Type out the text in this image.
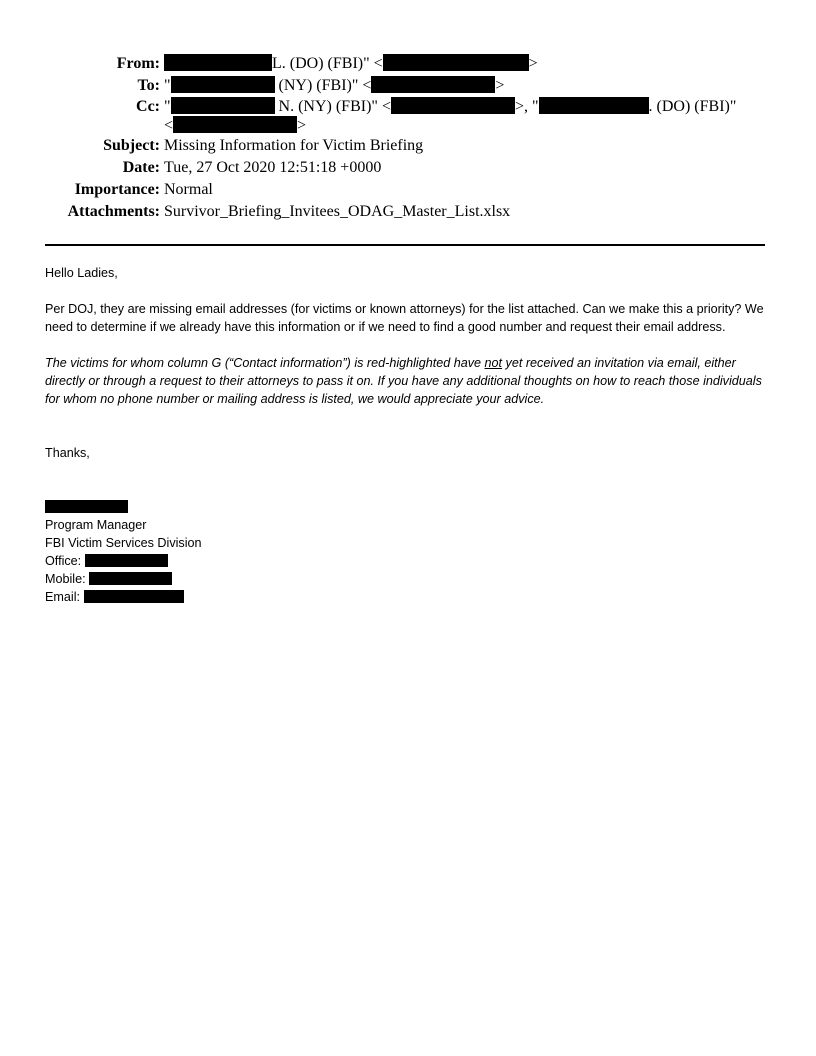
From:	L. (DO) (FBI)" <	>
To: "	(NY) (FBI)" <	>
Cc: "	N. (NY) (FBI)" <	>, "	. (DO) (FBI)"
<	>
Subject: Missing Information for Victim Briefing
Date: Tue, 27 Oct 2020 12:51:18 +0000
Importance: Normal
Attachments: Survivor_Briefing_Invitees_ODAG_Master_List.xlsx

Hello Ladies,

Per DOJ, they are missing email addresses (for victims or known attorneys) for the list attached. Can we make this a priority? We need to determine if we already have this information or if we need to find a good number and request their email address.

The victims for whom column G (“Contact information”) is red-highlighted have not yet received an invitation via email, either directly or through a request to their attorneys to pass it on. If you have any additional thoughts on how to reach those individuals for whom no phone number or mailing address is listed, we would appreciate your advice.

Thanks,

Program Manager
FBI Victim Services Division
Office:
Mobile:
Email:
